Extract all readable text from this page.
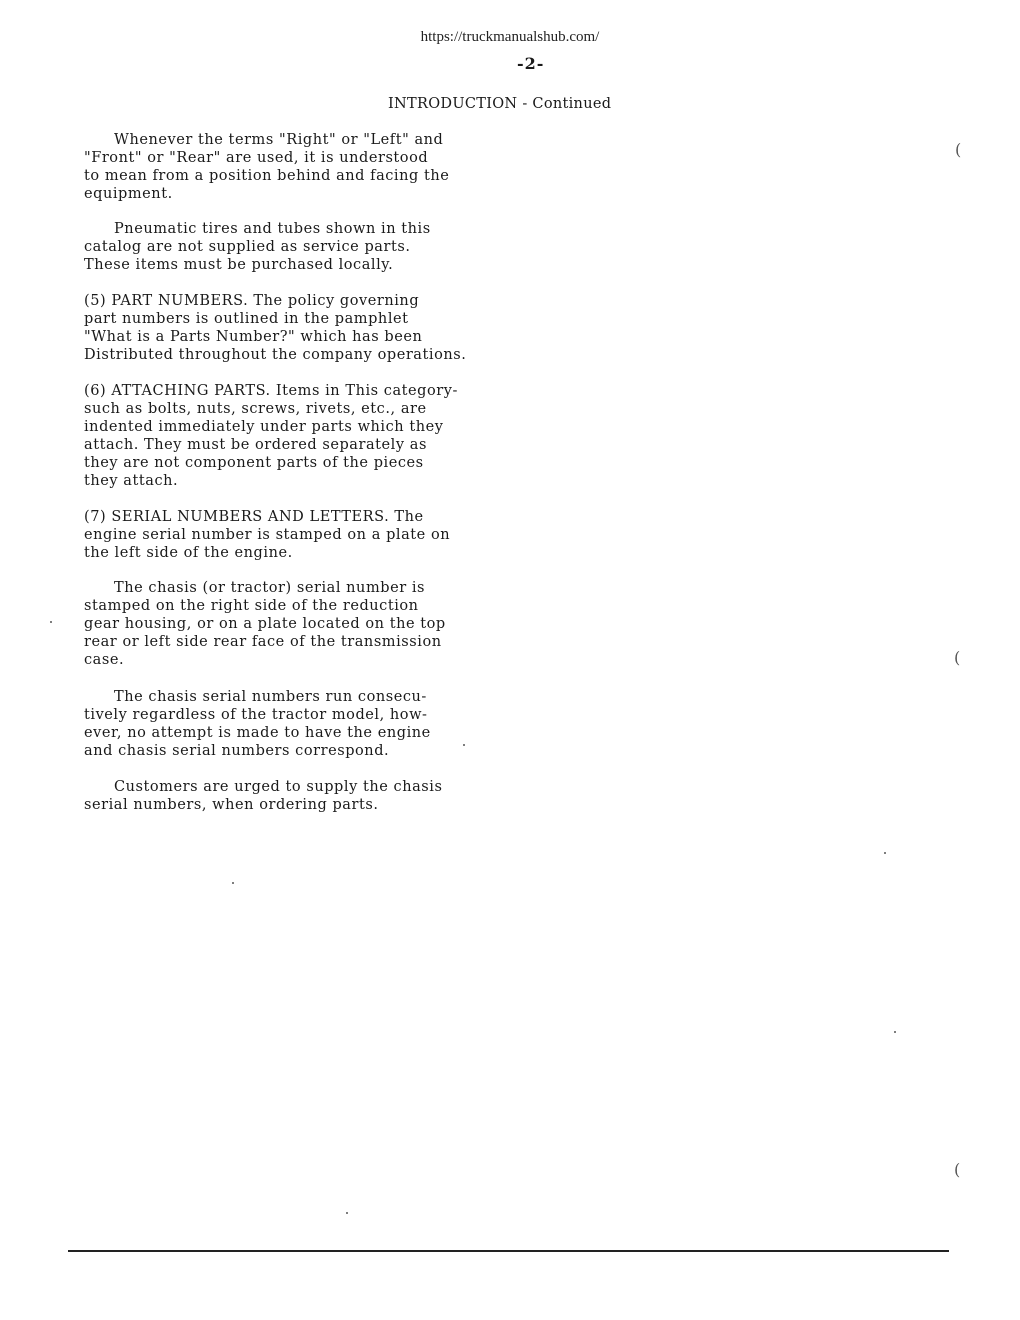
https://truckmanualshub.com/
-2-
INTRODUCTION - Continued

Whenever the terms "Right" or "Left" and
"Front" or "Rear" are used, it is understood
to mean from a position behind and facing the
equipment.

Pneumatic tires and tubes shown in this
catalog are not supplied as service parts.
These items must be purchased locally.

(5) PART NUMBERS. The policy governing
part numbers is outlined in the pamphlet
"What is a Parts Number?" which has been
Distributed throughout the company operations.

(6) ATTACHING PARTS. Items in This category-
such as bolts, nuts, screws, rivets, etc., are
indented immediately under parts which they
attach. They must be ordered separately as
they are not component parts of the pieces
they attach.

(7) SERIAL NUMBERS AND LETTERS. The
engine serial number is stamped on a plate on
the left side of the engine.

The chasis (or tractor) serial number is
stamped on the right side of the reduction
gear housing, or on a plate located on the top
rear or left side rear face of the transmission
case.

The chasis serial numbers run consecu-
tively regardless of the tractor model, how-
ever, no attempt is made to have the engine
and chasis serial numbers correspond.

Customers are urged to supply the chasis
serial numbers, when ordering parts.

(
(
(
